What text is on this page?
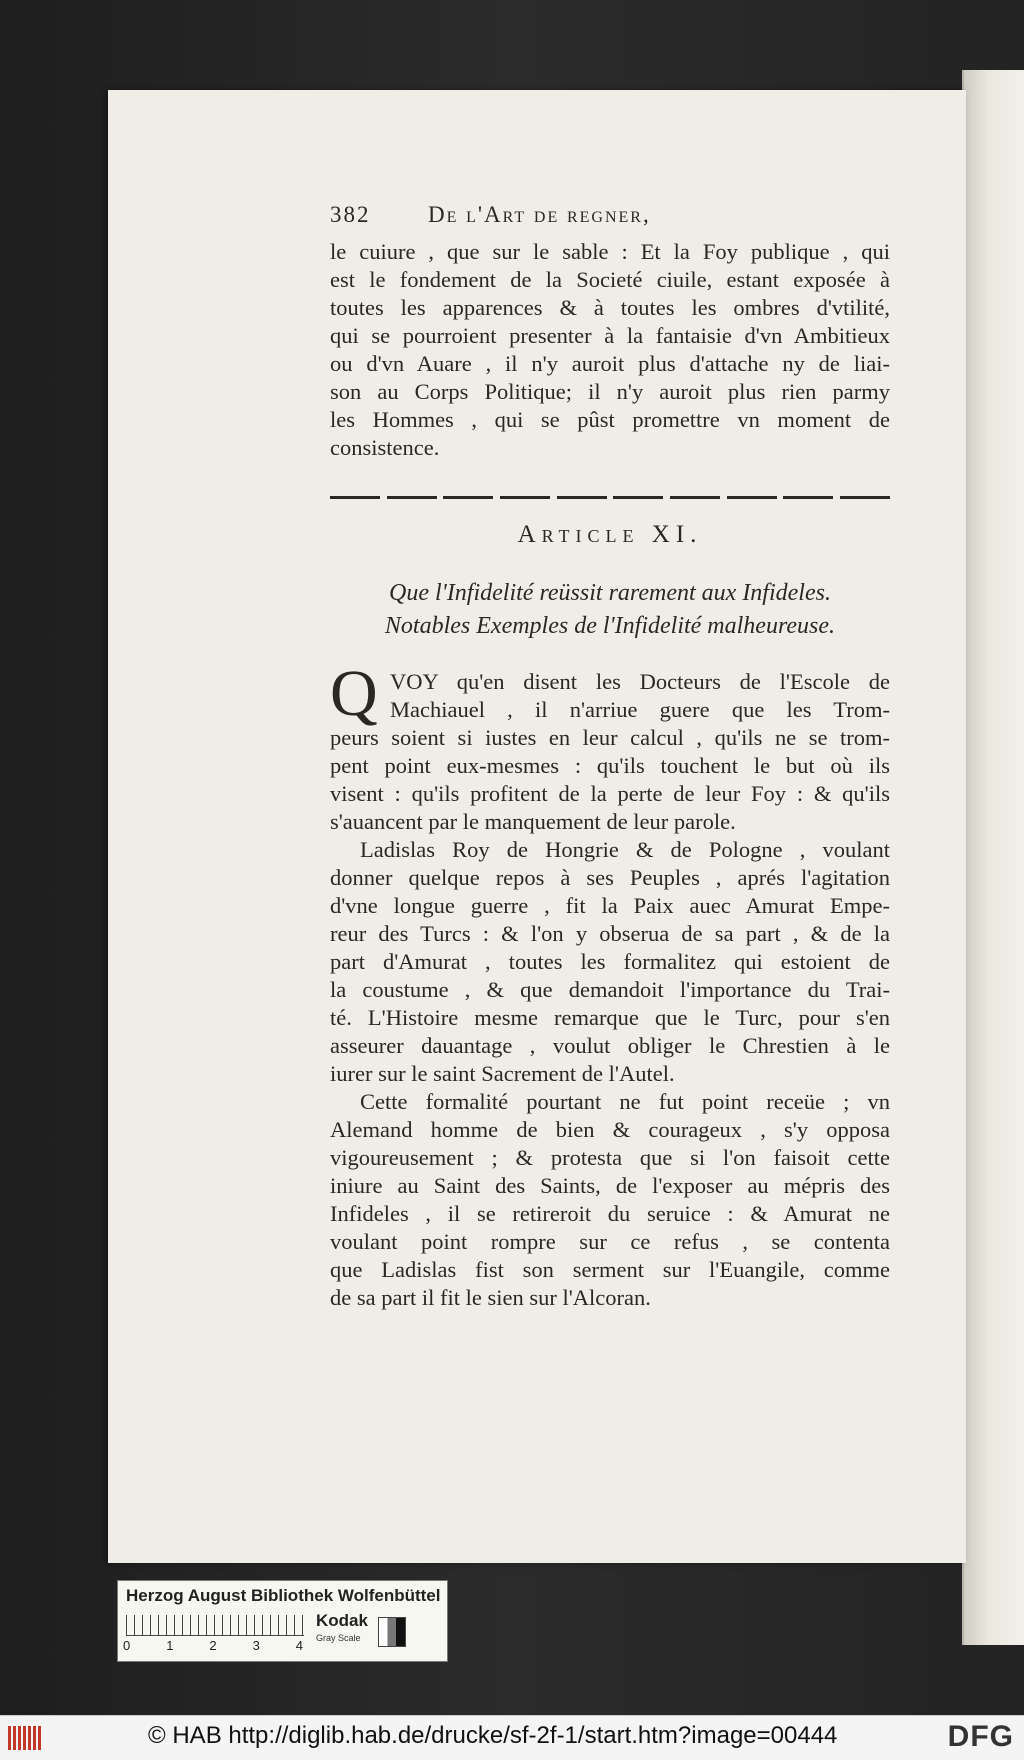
382	De l'Art de regner,
le cuiure , que sur le sable : Et la Foy publique , qui
est le fondement de la Societé ciuile, estant exposée à
toutes les apparences & à toutes les ombres d'vtilité,
qui se pourroient presenter à la fantaisie d'vn Ambitieux
ou d'vn Auare , il n'y auroit plus d'attache ny de liai-
son au Corps Politique; il n'y auroit plus rien parmy
les Hommes , qui se pûst promettre vn moment de
consistence.
Article XI.
Que l'Infidelité reüssit rarement aux Infideles.
Notables Exemples de l'Infidelité malheureuse.
Q VOY qu'en disent les Docteurs de l'Escole de
Machiauel , il n'arriue guere que les Trom-
peurs soient si iustes en leur calcul , qu'ils ne se trom-
pent point eux-mesmes : qu'ils touchent le but où ils
visent : qu'ils profitent de la perte de leur Foy : & qu'ils
s'auancent par le manquement de leur parole.
Ladislas Roy de Hongrie & de Pologne , voulant
donner quelque repos à ses Peuples , aprés l'agitation
d'vne longue guerre , fit la Paix auec Amurat Empe-
reur des Turcs : & l'on y obserua de sa part , & de la
part d'Amurat , toutes les formalitez qui estoient de
la coustume , & que demandoit l'importance du Trai-
té. L'Histoire mesme remarque que le Turc, pour s'en
asseurer dauantage , voulut obliger le Chrestien à le
iurer sur le saint Sacrement de l'Autel.
Cette formalité pourtant ne fut point receüe ; vn
Alemand homme de bien & courageux , s'y opposa
vigoureusement ; & protesta que si l'on faisoit cette
iniure au Saint des Saints, de l'exposer au mépris des
Infideles , il se retireroit du seruice : & Amurat ne
voulant point rompre sur ce refus , se contenta
que Ladislas fist son serment sur l'Euangile, comme
de sa part il fit le sien sur l'Alcoran.
Herzog August Bibliothek Wolfenbüttel
0	1	2	3	4
Kodak
Gray Scale
© HAB http://diglib.hab.de/drucke/sf-2f-1/start.htm?image=00444	DFG
